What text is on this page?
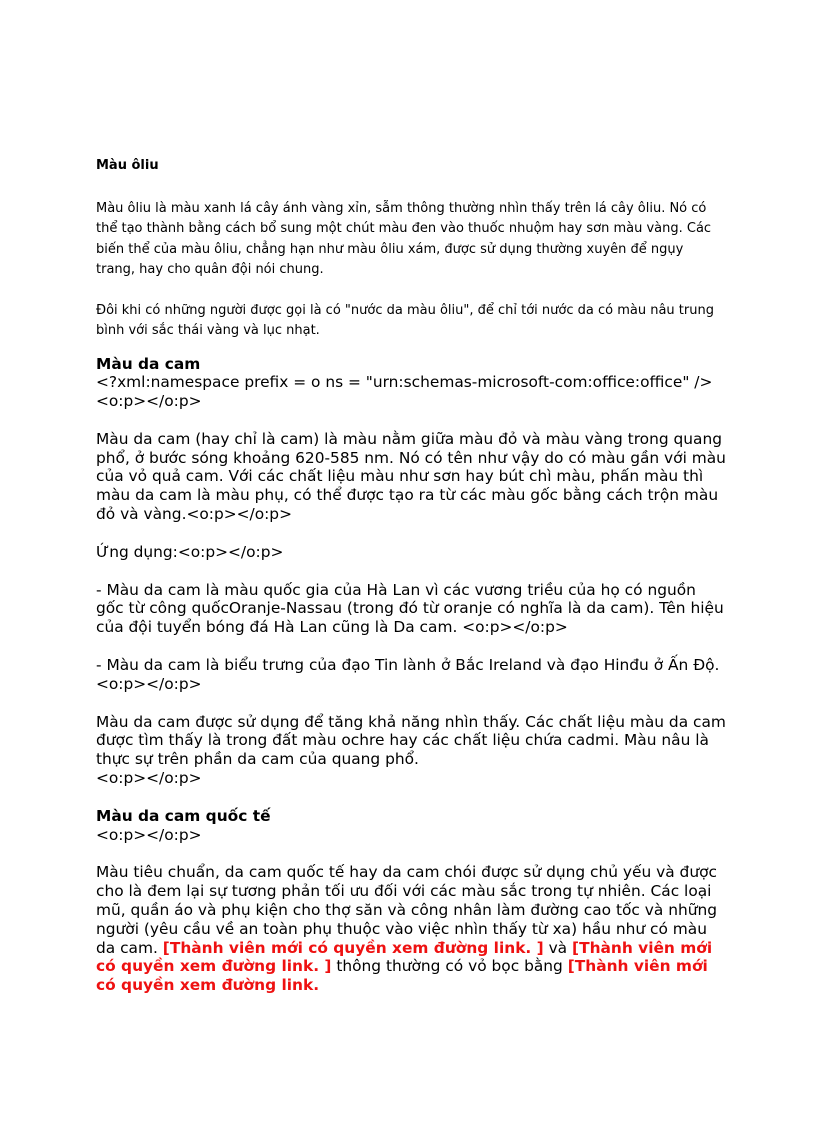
Màu ôliu

Màu ôliu là màu xanh lá cây ánh vàng xỉn, sẫm thông thường nhìn thấy trên lá cây ôliu. Nó có thể tạo thành bằng cách bổ sung một chút màu đen vào thuốc nhuộm hay sơn màu vàng. Các biến thể của màu ôliu, chẳng hạn như màu ôliu xám, được sử dụng thường xuyên để ngụy trang, hay cho quân đội nói chung.

Đôi khi có những người được gọi là có "nước da màu ôliu", để chỉ tới nước da có màu nâu trung bình với sắc thái vàng và lục nhạt.

Màu da cam

<?xml:namespace prefix = o ns = "urn:schemas-microsoft-com:office:office" /><o:p></o:p>

Màu da cam (hay chỉ là cam) là màu nằm giữa màu đỏ và màu vàng trong quang phổ, ở bước sóng khoảng 620-585 nm. Nó có tên như vậy do có màu gần với màu của vỏ quả cam. Với các chất liệu màu như sơn hay bút chì màu, phấn màu thì màu da cam là màu phụ, có thể được tạo ra từ các màu gốc bằng cách trộn màu đỏ và vàng.<o:p></o:p>

Ứng dụng:<o:p></o:p>

- Màu da cam là màu quốc gia của Hà Lan vì các vương triều của họ có nguồn gốc từ công quốcOranje-Nassau (trong đó từ oranje có nghĩa là da cam). Tên hiệu của đội tuyển bóng đá Hà Lan cũng là Da cam. <o:p></o:p>

- Màu da cam là biểu trưng của đạo Tin lành ở Bắc Ireland và đạo Hinđu ở Ấn Độ. <o:p></o:p>

Màu da cam được sử dụng để tăng khả năng nhìn thấy. Các chất liệu màu da cam được tìm thấy là trong đất màu ochre hay các chất liệu chứa cadmi. Màu nâu là thực sự trên phần da cam của quang phổ.

<o:p></o:p>

Màu da cam quốc tế

<o:p></o:p>

Màu tiêu chuẩn, da cam quốc tế hay da cam chói được sử dụng chủ yếu và được cho là đem lại sự tương phản tối ưu đối với các màu sắc trong tự nhiên. Các loại mũ, quần áo và phụ kiện cho thợ săn và công nhân làm đường cao tốc và những người (yêu cầu về an toàn phụ thuộc vào việc nhìn thấy từ xa) hầu như có màu da cam. [Thành viên mới có quyền xem đường link. ] và [Thành viên mới có quyền xem đường link. ] thông thường có vỏ bọc bằng [Thành viên mới có quyền xem đường link.
